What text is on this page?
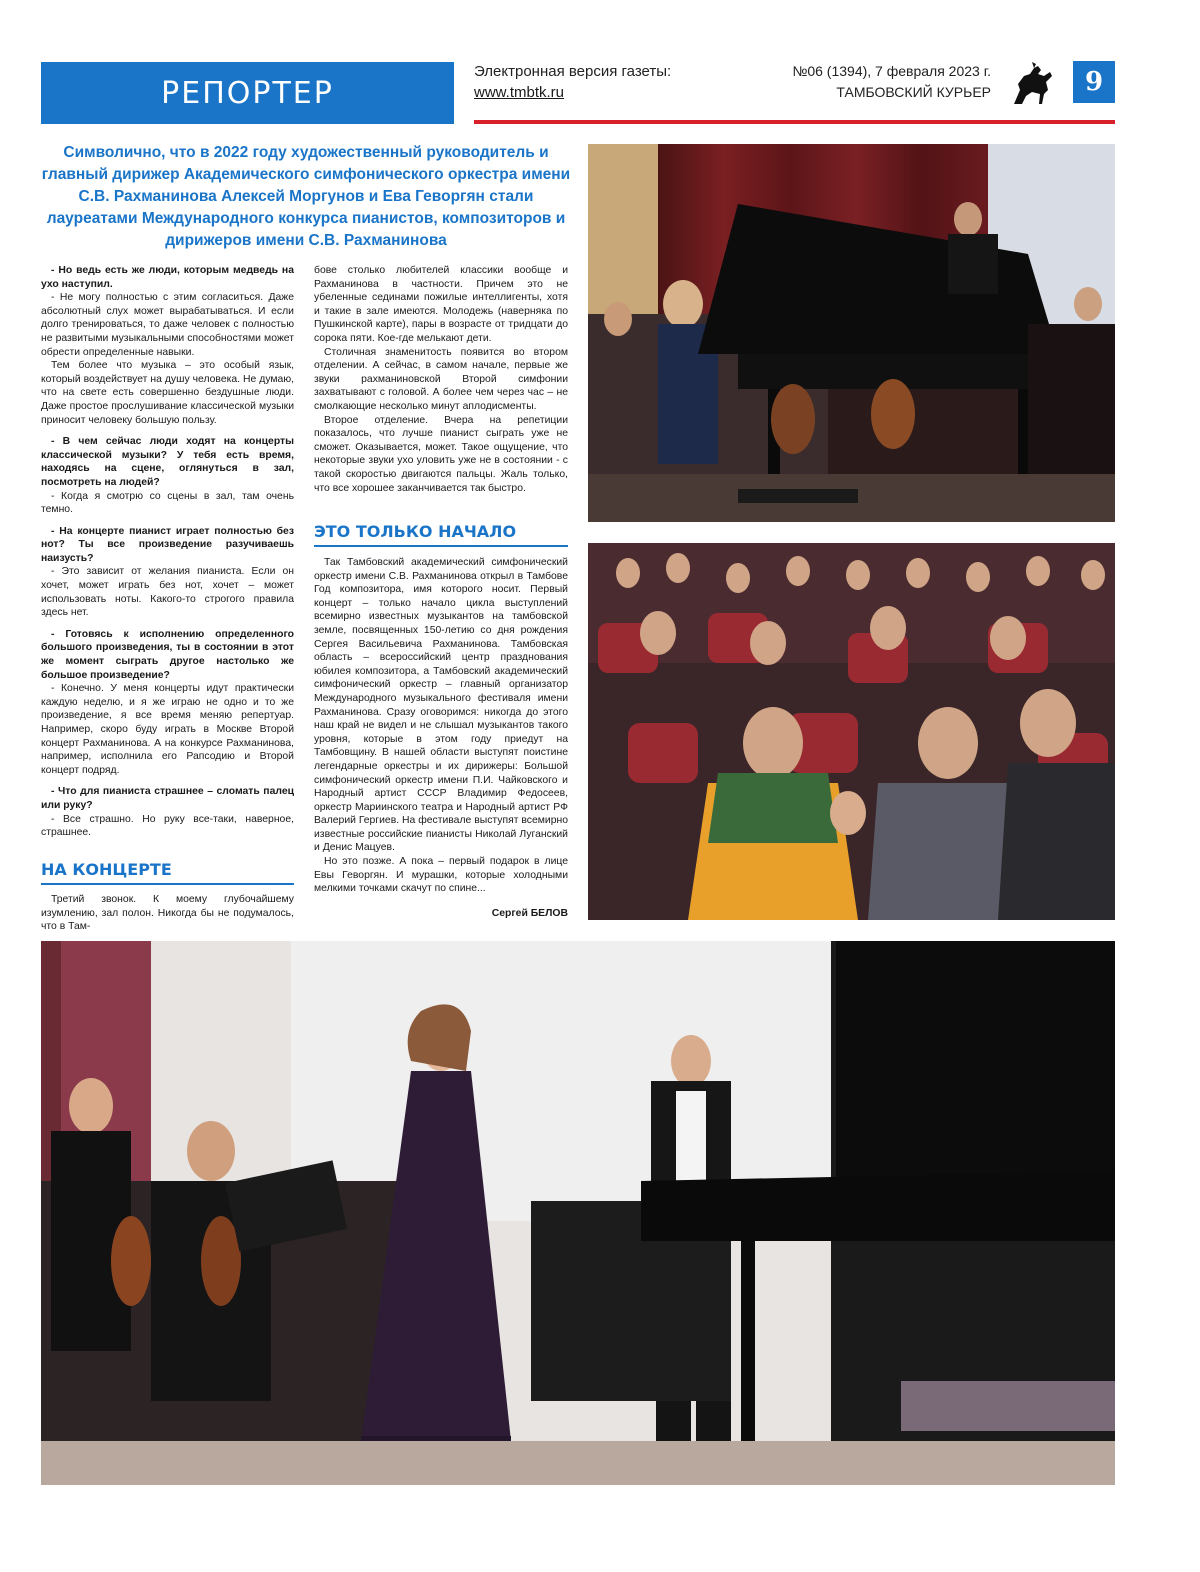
РЕПОРТЕР
Электронная версия газеты:
www.tmbtk.ru
№06 (1394), 7 февраля 2023 г.
ТАМБОВСКИЙ КУРЬЕР	9
Символично, что в 2022 году художественный руководитель и главный дирижер Академического симфонического оркестра имени С.В. Рахманинова Алексей Моргунов и Ева Геворгян стали лауреатами Международного конкурса пианистов, композиторов и дирижеров имени С.В. Рахманинова

- Но ведь есть же люди, которым медведь на ухо наступил.

- Не могу полностью с этим согласиться. Даже абсолютный слух может вырабатываться. И если долго тренироваться, то даже человек с полностью не развитыми музыкальными способностями может обрести определенные навыки.

Тем более что музыка – это особый язык, который воздействует на душу человека. Не думаю, что на свете есть совершенно бездушные люди. Даже простое прослушивание классической музыки приносит человеку большую пользу.

- В чем сейчас люди ходят на концерты классической музыки? У тебя есть время, находясь на сцене, оглянуться в зал, посмотреть на людей?

- Когда я смотрю со сцены в зал, там очень темно.

- На концерте пианист играет полностью без нот? Ты все произведение разучиваешь наизусть?

- Это зависит от желания пианиста. Если он хочет, может играть без нот, хочет – может использовать ноты. Какого-то строгого правила здесь нет.

- Готовясь к исполнению определенного большого произведения, ты в состоянии в этот же момент сыграть другое настолько же большое произведение?

- Конечно. У меня концерты идут практически каждую неделю, и я же играю не одно и то же произведение, я все время меняю репертуар. Например, скоро буду играть в Москве Второй концерт Рахманинова. А на конкурсе Рахманинова, например, исполнила его Рапсодию и Второй концерт подряд.

- Что для пианиста страшнее – сломать палец или руку?

- Все страшно. Но руку все-таки, наверное, страшнее.

НА КОНЦЕРТЕ

Третий звонок. К моему глубочайшему изумлению, зал полон. Никогда бы не подумалось, что в Там-

бове столько любителей классики вообще и Рахманинова в частности. Причем это не убеленные сединами пожилые интеллигенты, хотя и такие в зале имеются. Молодежь (наверняка по Пушкинской карте), пары в возрасте от тридцати до сорока пяти. Кое-где мелькают дети.

Столичная знаменитость появится во втором отделении. А сейчас, в самом начале, первые же звуки рахманиновской Второй симфонии захватывают с головой. А более чем через час – не смолкающие несколько минут аплодисменты.

Второе отделение. Вчера на репетиции показалось, что лучше пианист сыграть уже не сможет. Оказывается, может. Такое ощущение, что некоторые звуки ухо уловить уже не в состоянии - с такой скоростью двигаются пальцы. Жаль только, что все хорошее заканчивается так быстро.

ЭТО ТОЛЬКО НАЧАЛО

Так Тамбовский академический симфонический оркестр имени С.В. Рахманинова открыл в Тамбове Год композитора, имя которого носит. Первый концерт – только начало цикла выступлений всемирно известных музыкантов на тамбовской земле, посвященных 150-летию со дня рождения Сергея Васильевича Рахманинова. Тамбовская область – всероссийский центр празднования юбилея композитора, а Тамбовский академический симфонический оркестр – главный организатор Международного музыкального фестиваля имени Рахманинова. Сразу оговоримся: никогда до этого наш край не видел и не слышал музыкантов такого уровня, которые в этом году приедут на Тамбовщину. В нашей области выступят поистине легендарные оркестры и их дирижеры: Большой симфонический оркестр имени П.И. Чайковского и Народный артист СССР Владимир Федосеев, оркестр Мариинского театра и Народный артист РФ Валерий Гергиев. На фестивале выступят всемирно известные российские пианисты Николай Луганский и Денис Мацуев.

Но это позже. А пока – первый подарок в лице Евы Геворгян. И мурашки, которые холодными мелкими точками скачут по спине...

Сергей БЕЛОВ
